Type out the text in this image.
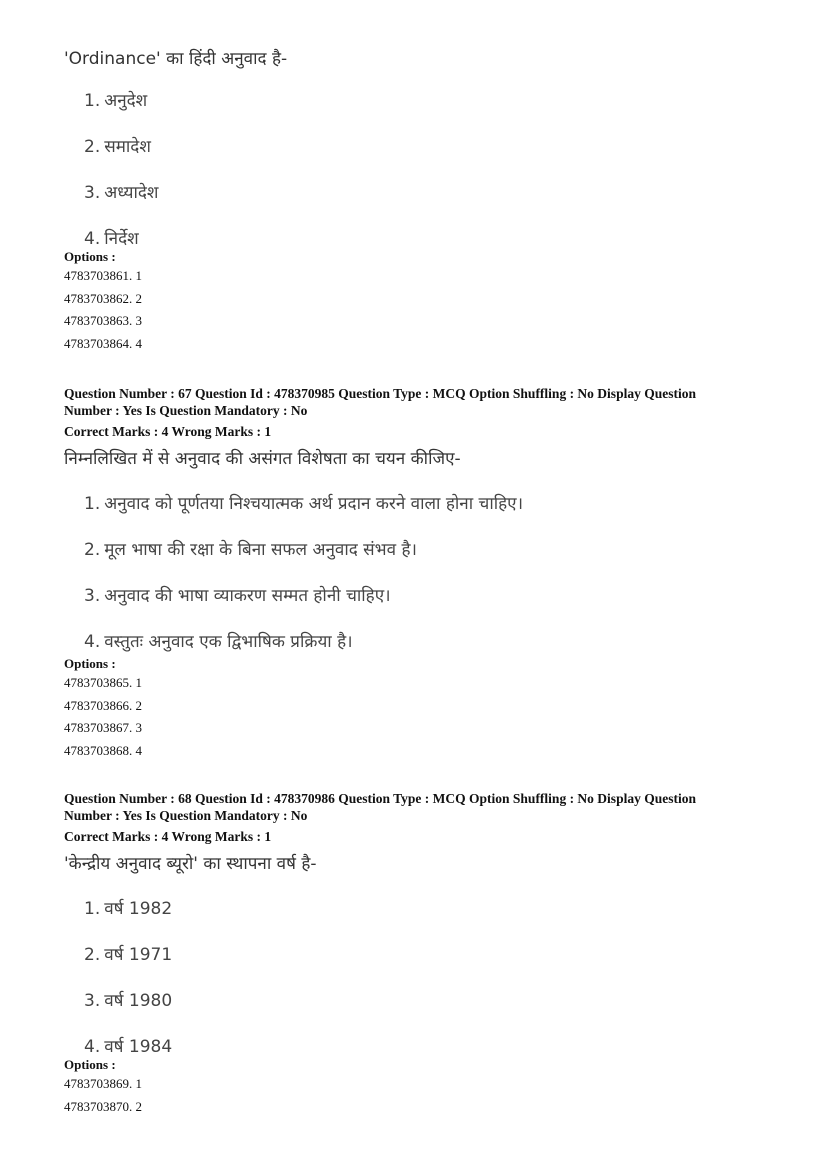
'Ordinance' का हिंदी अनुवाद है-
1. अनुदेश
2. समादेश
3. अध्यादेश
4. निर्देश
Options :
4783703861. 1
4783703862. 2
4783703863. 3
4783703864. 4
Question Number : 67 Question Id : 478370985 Question Type : MCQ Option Shuffling : No Display Question
Number : Yes Is Question Mandatory : No
Correct Marks : 4 Wrong Marks : 1
निम्नलिखित में से अनुवाद की असंगत विशेषता का चयन कीजिए-
1. अनुवाद को पूर्णतया निश्चयात्मक अर्थ प्रदान करने वाला होना चाहिए।
2. मूल भाषा की रक्षा के बिना सफल अनुवाद संभव है।
3. अनुवाद की भाषा व्याकरण सम्मत होनी चाहिए।
4. वस्तुतः अनुवाद एक द्विभाषिक प्रक्रिया है।
Options :
4783703865. 1
4783703866. 2
4783703867. 3
4783703868. 4
Question Number : 68 Question Id : 478370986 Question Type : MCQ Option Shuffling : No Display Question
Number : Yes Is Question Mandatory : No
Correct Marks : 4 Wrong Marks : 1
'केन्द्रीय अनुवाद ब्यूरो' का स्थापना वर्ष है-
1. वर्ष 1982
2. वर्ष 1971
3. वर्ष 1980
4. वर्ष 1984
Options :
4783703869. 1
4783703870. 2
